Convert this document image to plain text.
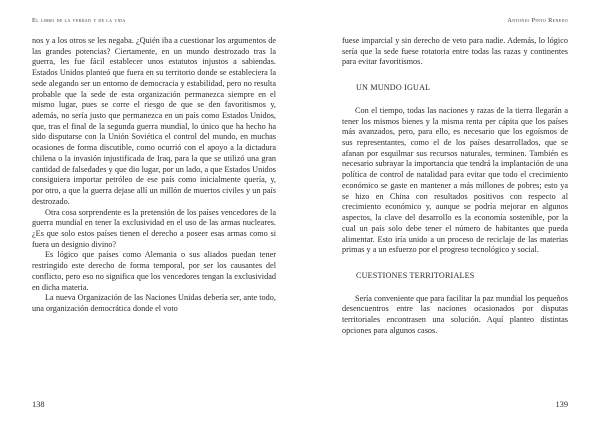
El libro de la verdad y de la vida

nos y a los otros se les negaba. ¿Quién iba a cuestionar los argumentos de las grandes potencias? Ciertamente, en un mundo destrozado tras la guerra, les fue fácil establecer unos estatutos injustos a sabiendas. Estados Unidos planteó que fuera en su territorio donde se estableciera la sede alegando ser un entorno de democracia y estabilidad, pero no resulta probable que la sede de esta organización permanezca siempre en el mismo lugar, pues se corre el riesgo de que se den favoritismos y, además, no sería justo que permanezca en un país como Estados Unidos, que, tras el final de la segunda guerra mundial, lo único que ha hecho ha sido disputarse con la Unión Soviética el control del mundo, en muchas ocasiones de forma discutible, como ocurrió con el apoyo a la dictadura chilena o la invasión injustificada de Iraq, para la que se utilizó una gran cantidad de falsedades y que dio lugar, por un lado, a que Estados Unidos consiguiera importar petróleo de ese país como inicialmente quería, y, por otro, a que la guerra dejase allí un millón de muertos civiles y un país destrozado.

Otra cosa sorprendente es la pretensión de los países vencedores de la guerra mundial en tener la exclusividad en el uso de las armas nucleares. ¿Es que solo estos países tienen el derecho a poseer esas armas como si fuera un designio divino?

Es lógico que países como Alemania o sus aliados puedan tener restringido este derecho de forma temporal, por ser los causantes del conflicto, pero eso no significa que los vencedores tengan la exclusividad en dicha materia.

La nueva Organización de las Naciones Unidas debería ser, ante todo, una organización democrática donde el voto

138
Antonio Pinto Renedo

fuese imparcial y sin derecho de veto para nadie. Además, lo lógico sería que la sede fuese rotatoria entre todas las razas y continentes para evitar favoritismos.

UN MUNDO IGUAL

Con el tiempo, todas las naciones y razas de la tierra llegarán a tener los mismos bienes y la misma renta per cápita que los países más avanzados, pero, para ello, es necesario que los egoísmos de sus representantes, como el de los países desarrollados, que se afanan por esquilmar sus recursos naturales, terminen. También es necesario subrayar la importancia que tendrá la implantación de una política de control de natalidad para evitar que todo el crecimiento económico se gaste en mantener a más millones de pobres; esto ya se hizo en China con resultados positivos con respecto al crecimiento económico y, aunque se podría mejorar en algunos aspectos, la clave del desarrollo es la economía sostenible, por la cual un país solo debe tener el número de habitantes que pueda alimentar. Esto iría unido a un proceso de reciclaje de las materias primas y a un esfuerzo por el progreso tecnológico y social.

CUESTIONES TERRITORIALES

Sería conveniente que para facilitar la paz mundial los pequeños desencuentros entre las naciones ocasionados por disputas territoriales encontrasen una solución. Aquí planteo distintas opciones para algunos casos.

139
